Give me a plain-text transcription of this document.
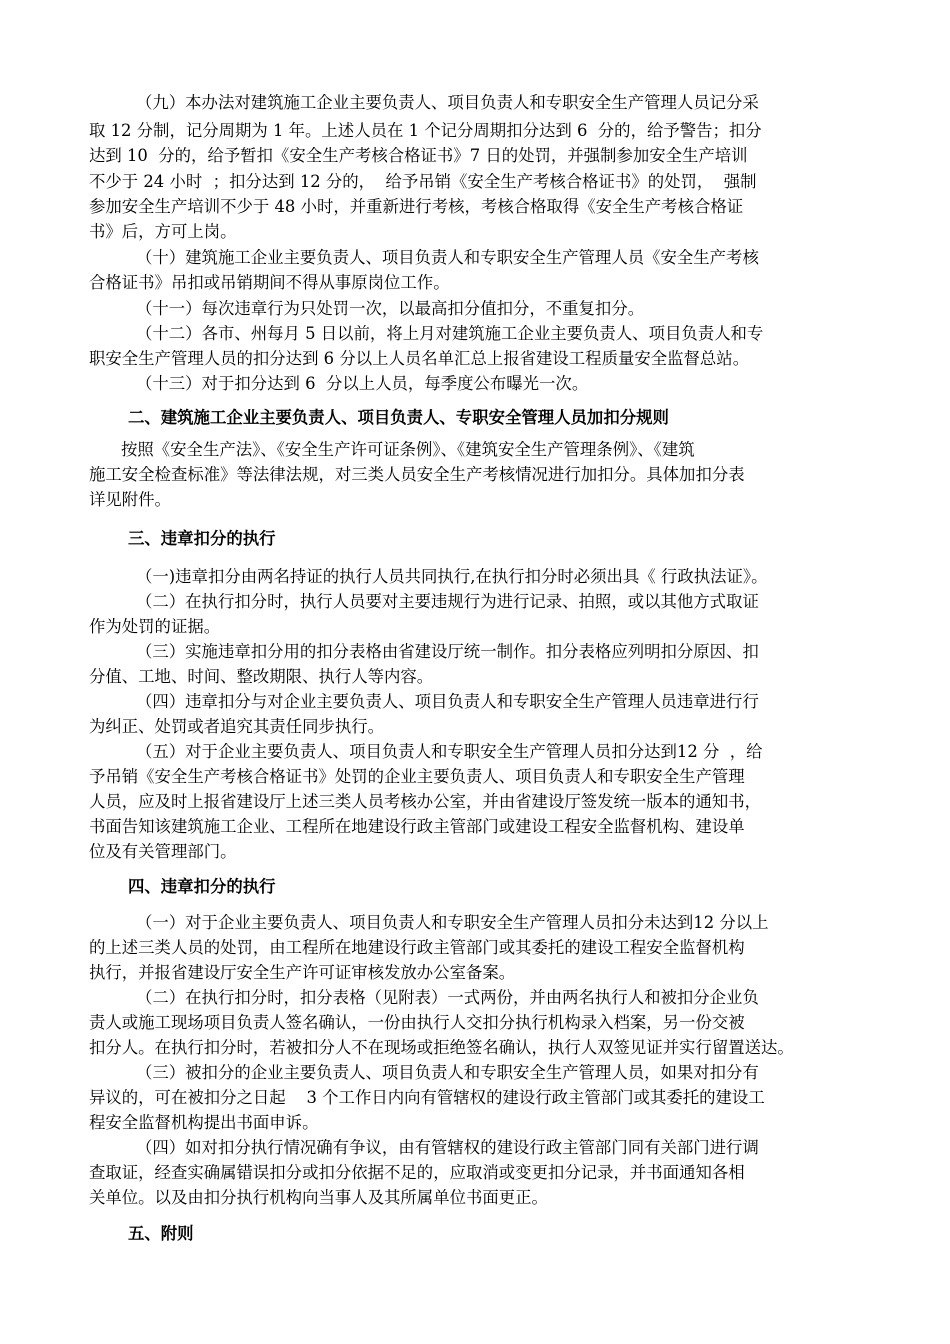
（九）本办法对建筑施工企业主要负责人、项目负责人和专职安全生产管理人员记分采
取 12 分制，记分周期为 1 年。上述人员在 1 个记分周期扣分达到 6  分的，给予警告；扣分
达到 10  分的，给予暂扣《安全生产考核合格证书》7 日的处罚，并强制参加安全生产培训
不少于 24 小时  ；扣分达到 12 分的，  给予吊销《安全生产考核合格证书》的处罚，  强制
参加安全生产培训不少于 48 小时，并重新进行考核，考核合格取得《安全生产考核合格证
书》后，方可上岗。
（十）建筑施工企业主要负责人、项目负责人和专职安全生产管理人员《安全生产考核
合格证书》吊扣或吊销期间不得从事原岗位工作。
（十一）每次违章行为只处罚一次，以最高扣分值扣分，不重复扣分。
（十二）各市、州每月 5 日以前，将上月对建筑施工企业主要负责人、项目负责人和专
职安全生产管理人员的扣分达到 6 分以上人员名单汇总上报省建设工程质量安全监督总站。
（十三）对于扣分达到 6  分以上人员，每季度公布曝光一次。
二、建筑施工企业主要负责人、项目负责人、专职安全管理人员加扣分规则
按照《安全生产法》、《安全生产许可证条例》、《建筑安全生产管理条例》、《建筑
施工安全检查标准》等法律法规，对三类人员安全生产考核情况进行加扣分。具体加扣分表
详见附件。
三、违章扣分的执行
（一)违章扣分由两名持证的执行人员共同执行,在执行扣分时必须出具《 行政执法证》。
（二）在执行扣分时，执行人员要对主要违规行为进行记录、拍照，或以其他方式取证
作为处罚的证据。
（三）实施违章扣分用的扣分表格由省建设厅统一制作。扣分表格应列明扣分原因、扣
分值、工地、时间、整改期限、执行人等内容。
（四）违章扣分与对企业主要负责人、项目负责人和专职安全生产管理人员违章进行行
为纠正、处罚或者追究其责任同步执行。
（五）对于企业主要负责人、项目负责人和专职安全生产管理人员扣分达到12 分  ，给
予吊销《安全生产考核合格证书》处罚的企业主要负责人、项目负责人和专职安全生产管理
人员，应及时上报省建设厅上述三类人员考核办公室，并由省建设厅签发统一版本的通知书，
书面告知该建筑施工企业、工程所在地建设行政主管部门或建设工程安全监督机构、建设单
位及有关管理部门。
四、违章扣分的执行
（一）对于企业主要负责人、项目负责人和专职安全生产管理人员扣分未达到12 分以上
的上述三类人员的处罚，由工程所在地建设行政主管部门或其委托的建设工程安全监督机构
执行，并报省建设厅安全生产许可证审核发放办公室备案。
（二）在执行扣分时，扣分表格（见附表）一式两份，并由两名执行人和被扣分企业负
责人或施工现场项目负责人签名确认，一份由执行人交扣分执行机构录入档案，另一份交被
扣分人。在执行扣分时，若被扣分人不在现场或拒绝签名确认，执行人双签见证并实行留置送达。
（三）被扣分的企业主要负责人、项目负责人和专职安全生产管理人员，如果对扣分有
异议的，可在被扣分之日起    3 个工作日内向有管辖权的建设行政主管部门或其委托的建设工
程安全监督机构提出书面申诉。
（四）如对扣分执行情况确有争议，由有管辖权的建设行政主管部门同有关部门进行调
查取证，经查实确属错误扣分或扣分依据不足的，应取消或变更扣分记录，并书面通知各相
关单位。以及由扣分执行机构向当事人及其所属单位书面更正。
五、附则
